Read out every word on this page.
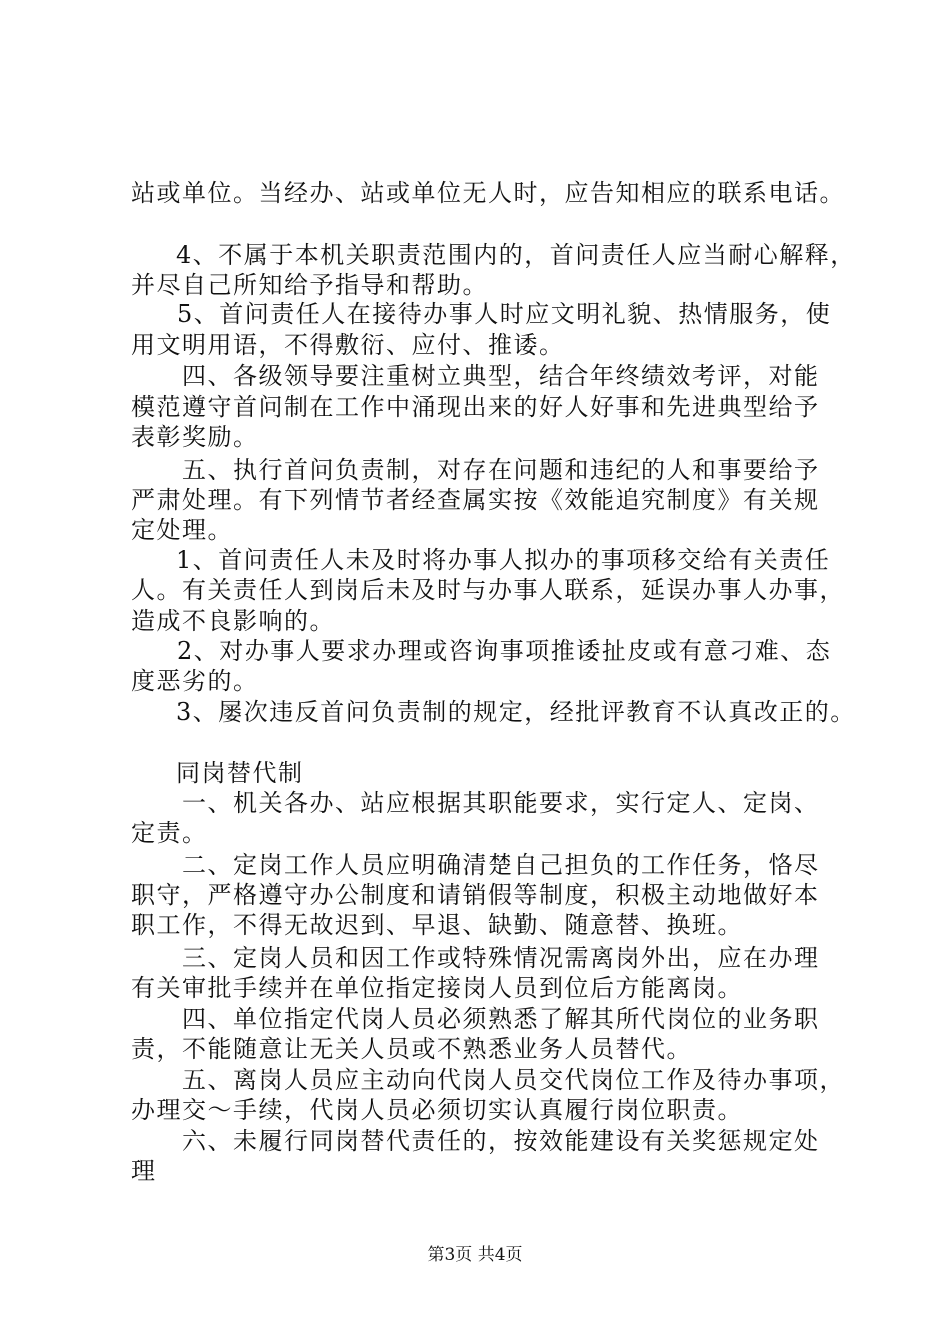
站或单位。当经办、站或单位无人时，应告知相应的联系电话。
4、不属于本机关职责范围内的，首问责任人应当耐心解释，
并尽自己所知给予指导和帮助。
5、首问责任人在接待办事人时应文明礼貌、热情服务，使
用文明用语，不得敷衍、应付、推诿。
四、各级领导要注重树立典型，结合年终绩效考评，对能
模范遵守首问制在工作中涌现出来的好人好事和先进典型给予
表彰奖励。
五、执行首问负责制，对存在问题和违纪的人和事要给予
严肃处理。有下列情节者经查属实按《效能追究制度》有关规
定处理。
1、首问责任人未及时将办事人拟办的事项移交给有关责任
人。有关责任人到岗后未及时与办事人联系，延误办事人办事，
造成不良影响的。
2、对办事人要求办理或咨询事项推诿扯皮或有意刁难、态
度恶劣的。
3、屡次违反首问负责制的规定，经批评教育不认真改正的。
同岗替代制
一、机关各办、站应根据其职能要求，实行定人、定岗、
定责。
二、定岗工作人员应明确清楚自己担负的工作任务，恪尽
职守，严格遵守办公制度和请销假等制度，积极主动地做好本
职工作，不得无故迟到、早退、缺勤、随意替、换班。
三、定岗人员和因工作或特殊情况需离岗外出，应在办理
有关审批手续并在单位指定接岗人员到位后方能离岗。
四、单位指定代岗人员必须熟悉了解其所代岗位的业务职
责，不能随意让无关人员或不熟悉业务人员替代。
五、离岗人员应主动向代岗人员交代岗位工作及待办事项，
办理交～手续，代岗人员必须切实认真履行岗位职责。
六、未履行同岗替代责任的，按效能建设有关奖惩规定处
理
第3页 共4页
